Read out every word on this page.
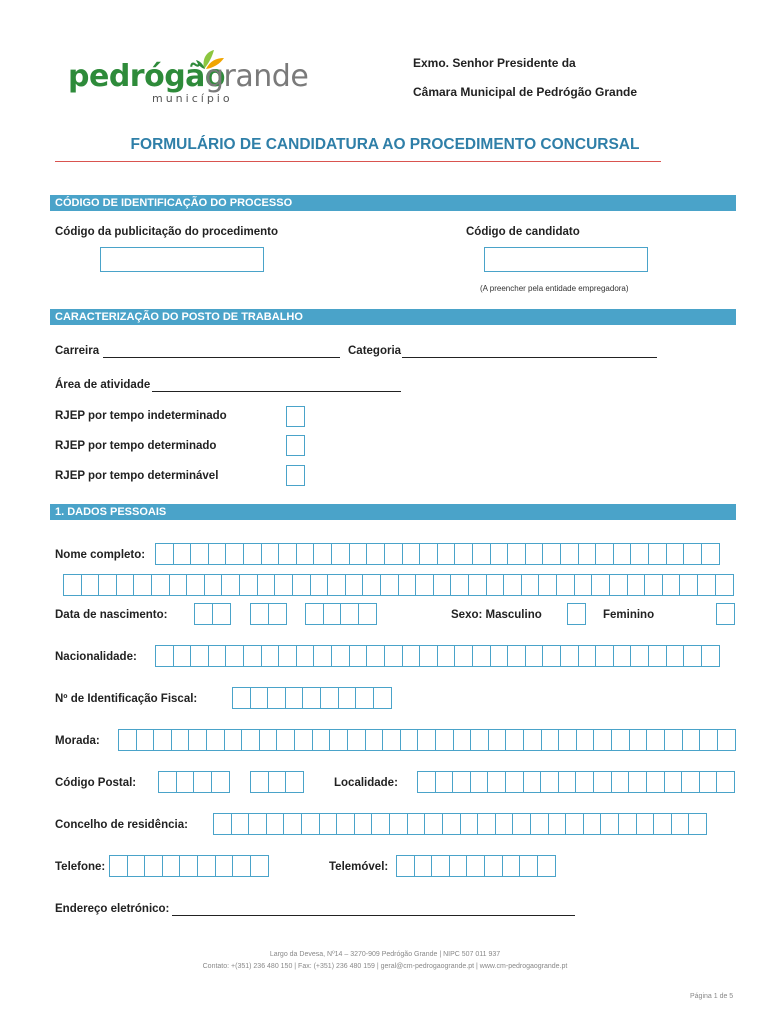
pedrógão
grande
município
Exmo. Senhor Presidente da
Câmara Municipal de Pedrógão Grande
FORMULÁRIO DE CANDIDATURA AO PROCEDIMENTO CONCURSAL
CÓDIGO DE IDENTIFICAÇÃO DO PROCESSO
Código da publicitação do procedimento	Código de candidato
(A preencher pela entidade empregadora)
CARACTERIZAÇÃO DO POSTO DE TRABALHO
Carreira	Categoria
Área de atividade
RJEP por tempo indeterminado
RJEP por tempo determinado
RJEP por tempo determinável
1. DADOS PESSOAIS
Nome completo:
Data de nascimento:	Sexo: Masculino	Feminino
Nacionalidade:
Nº de Identificação Fiscal:
Morada:
Código Postal:	Localidade:
Concelho de residência:
Telefone:	Telemóvel:
Endereço eletrónico:
Largo da Devesa, Nº14 – 3270-909 Pedrógão Grande | NIPC 507 011 937
Contato: +(351) 236 480 150 | Fax: (+351) 236 480 159 | geral@cm-pedrogaogrande.pt | www.cm-pedrogaogrande.pt
Página 1 de 5
